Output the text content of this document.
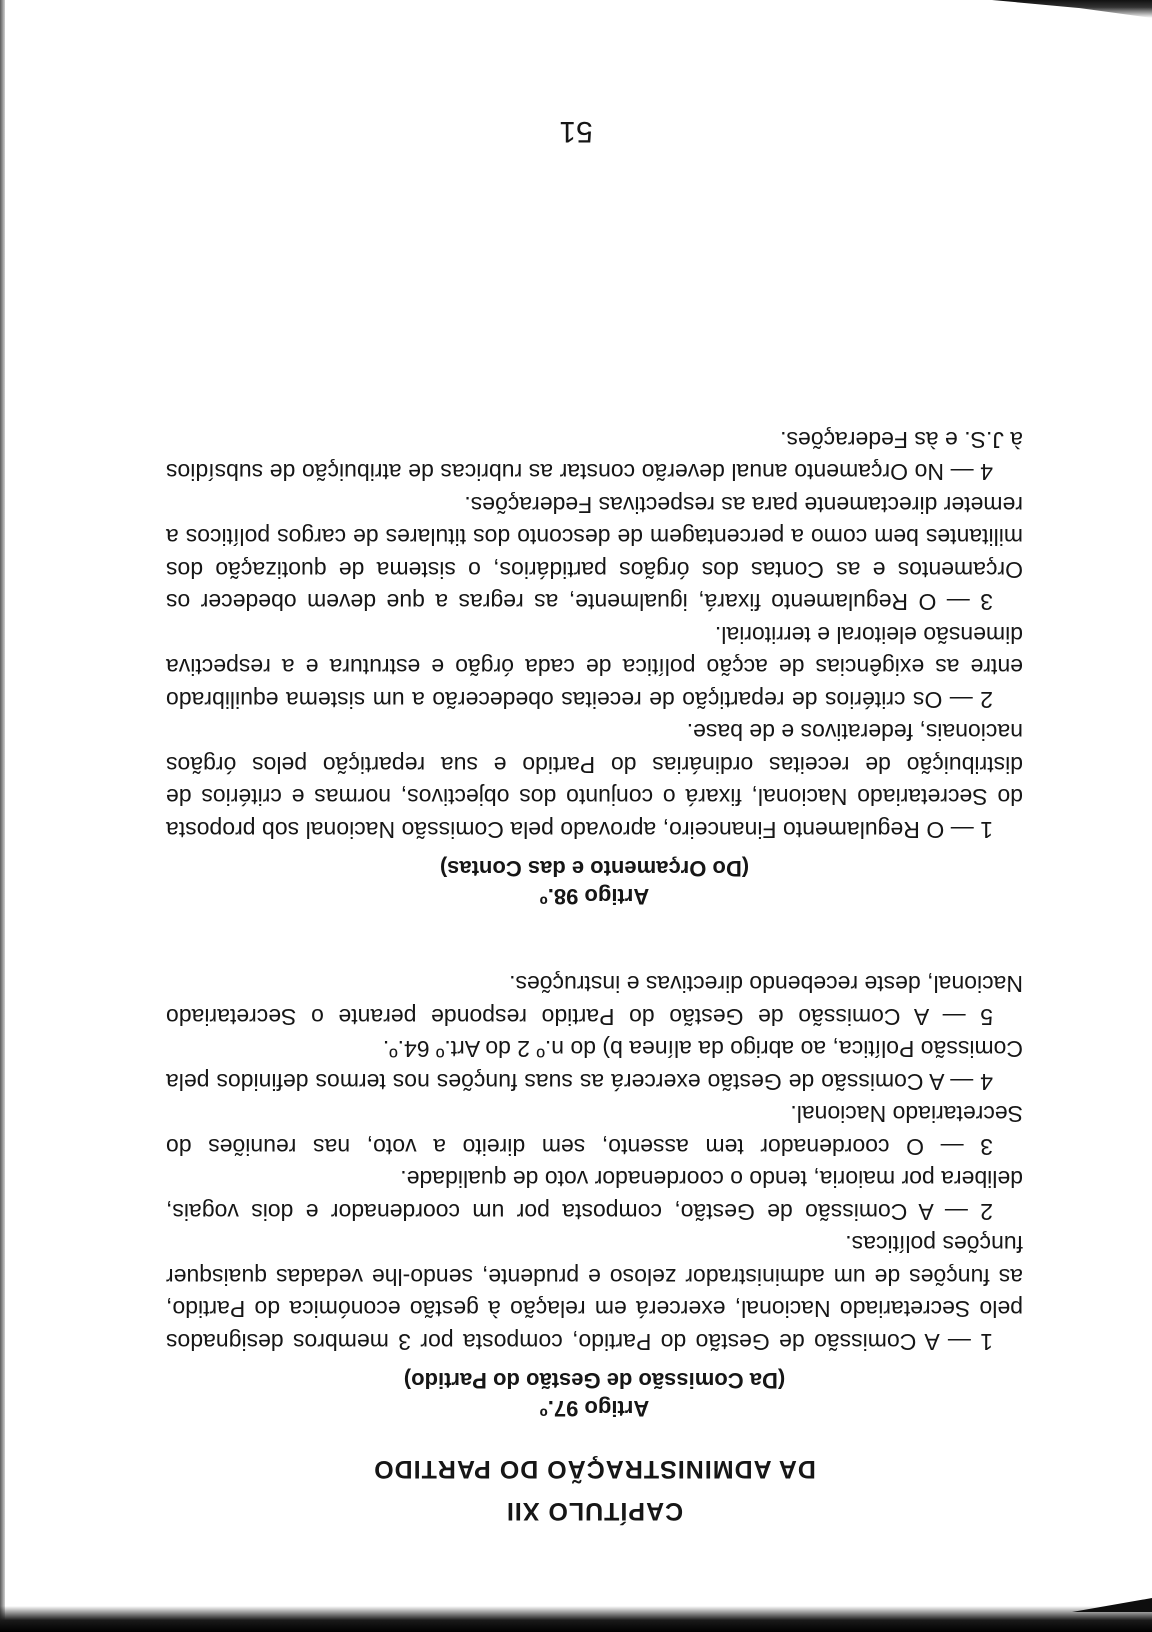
CAPÍTULO XII
DA ADMINISTRAÇÃO DO PARTIDO

Artigo 97.º

(Da Comissão de Gestão do Partido)

1 — A Comissão de Gestão do Partido, composta por 3 membros designados pelo Secretariado Nacional, exercerá em relação à gestão económica do Partido, as funções de um administrador zeloso e prudente, sendo-lhe vedadas quaisquer funções políticas.

2 — A Comissão de Gestão, composta por um coordenador e dois vogais, delibera por maioria, tendo o coordenador voto de qualidade.

3 — O coordenador tem assento, sem direito a voto, nas reuniões do Secretariado Nacional.

4 — A Comissão de Gestão exercerá as suas funções nos termos definidos pela Comissão Política, ao abrigo da alínea b) do n.º 2 do Art.º 64.º.

5 — A Comissão de Gestão do Partido responde perante o Secretariado Nacional, deste recebendo directivas e instruções.

Artigo 98.º

(Do Orçamento e das Contas)

1 — O Regulamento Financeiro, aprovado pela Comissão Nacional sob proposta do Secretariado Nacional, fixará o conjunto dos objectivos, normas e critérios de distribuição de receitas ordinárias do Partido e sua repartição pelos órgãos nacionais, federativos e de base.

2 — Os critérios de repartição de receitas obedecerão a um sistema equilibrado entre as exigências de acção política de cada órgão e estrutura e a respectiva dimensão eleitoral e territorial.

3 — O Regulamento fixará, igualmente, as regras a que devem obedecer os Orçamentos e as Contas dos órgãos partidários, o sistema de quotização dos militantes bem como a percentagem de desconto dos titulares de cargos políticos a remeter directamente para as respectivas Federações.

4 — No Orçamento anual deverão constar as rubricas de atribuição de subsídios à J.S. e às Federações.

51
